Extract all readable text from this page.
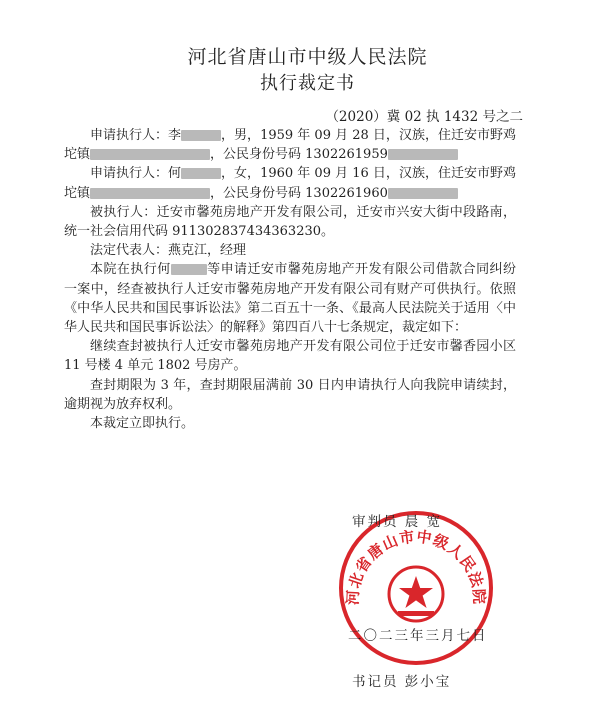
河北省唐山市中级人民法院
执行裁定书
（2020）冀 02 执 1432 号之二

申请执行人：李	，男，1959 年 09 月 28 日，汉族，住迁安市野鸡坨镇	，公民身份号码 1302261959

申请执行人：何	，女，1960 年 09 月 16 日，汉族，住迁安市野鸡坨镇	，公民身份号码 1302261960

被执行人：迁安市馨苑房地产开发有限公司，迁安市兴安大街中段路南，统一社会信用代码 911302837434363230。

法定代表人：燕克江，经理

本院在执行何	等申请迁安市馨苑房地产开发有限公司借款合同纠纷一案中，经查被执行人迁安市馨苑房地产开发有限公司有财产可供执行。依照《中华人民共和国民事诉讼法》第二百五十一条、《最高人民法院关于适用〈中华人民共和国民事诉讼法〉的解释》第四百八十七条规定，裁定如下：

继续查封被执行人迁安市馨苑房地产开发有限公司位于迁安市馨香园小区 11 号楼 4 单元 1802 号房产。

查封期限为 3 年，查封期限届满前 30 日内申请执行人向我院申请续封，逾期视为放弃权利。

本裁定立即执行。

河北省唐山市中级人民法院
审判员 晨 宽
二〇二三年三月七日
书记员 彭小宝
